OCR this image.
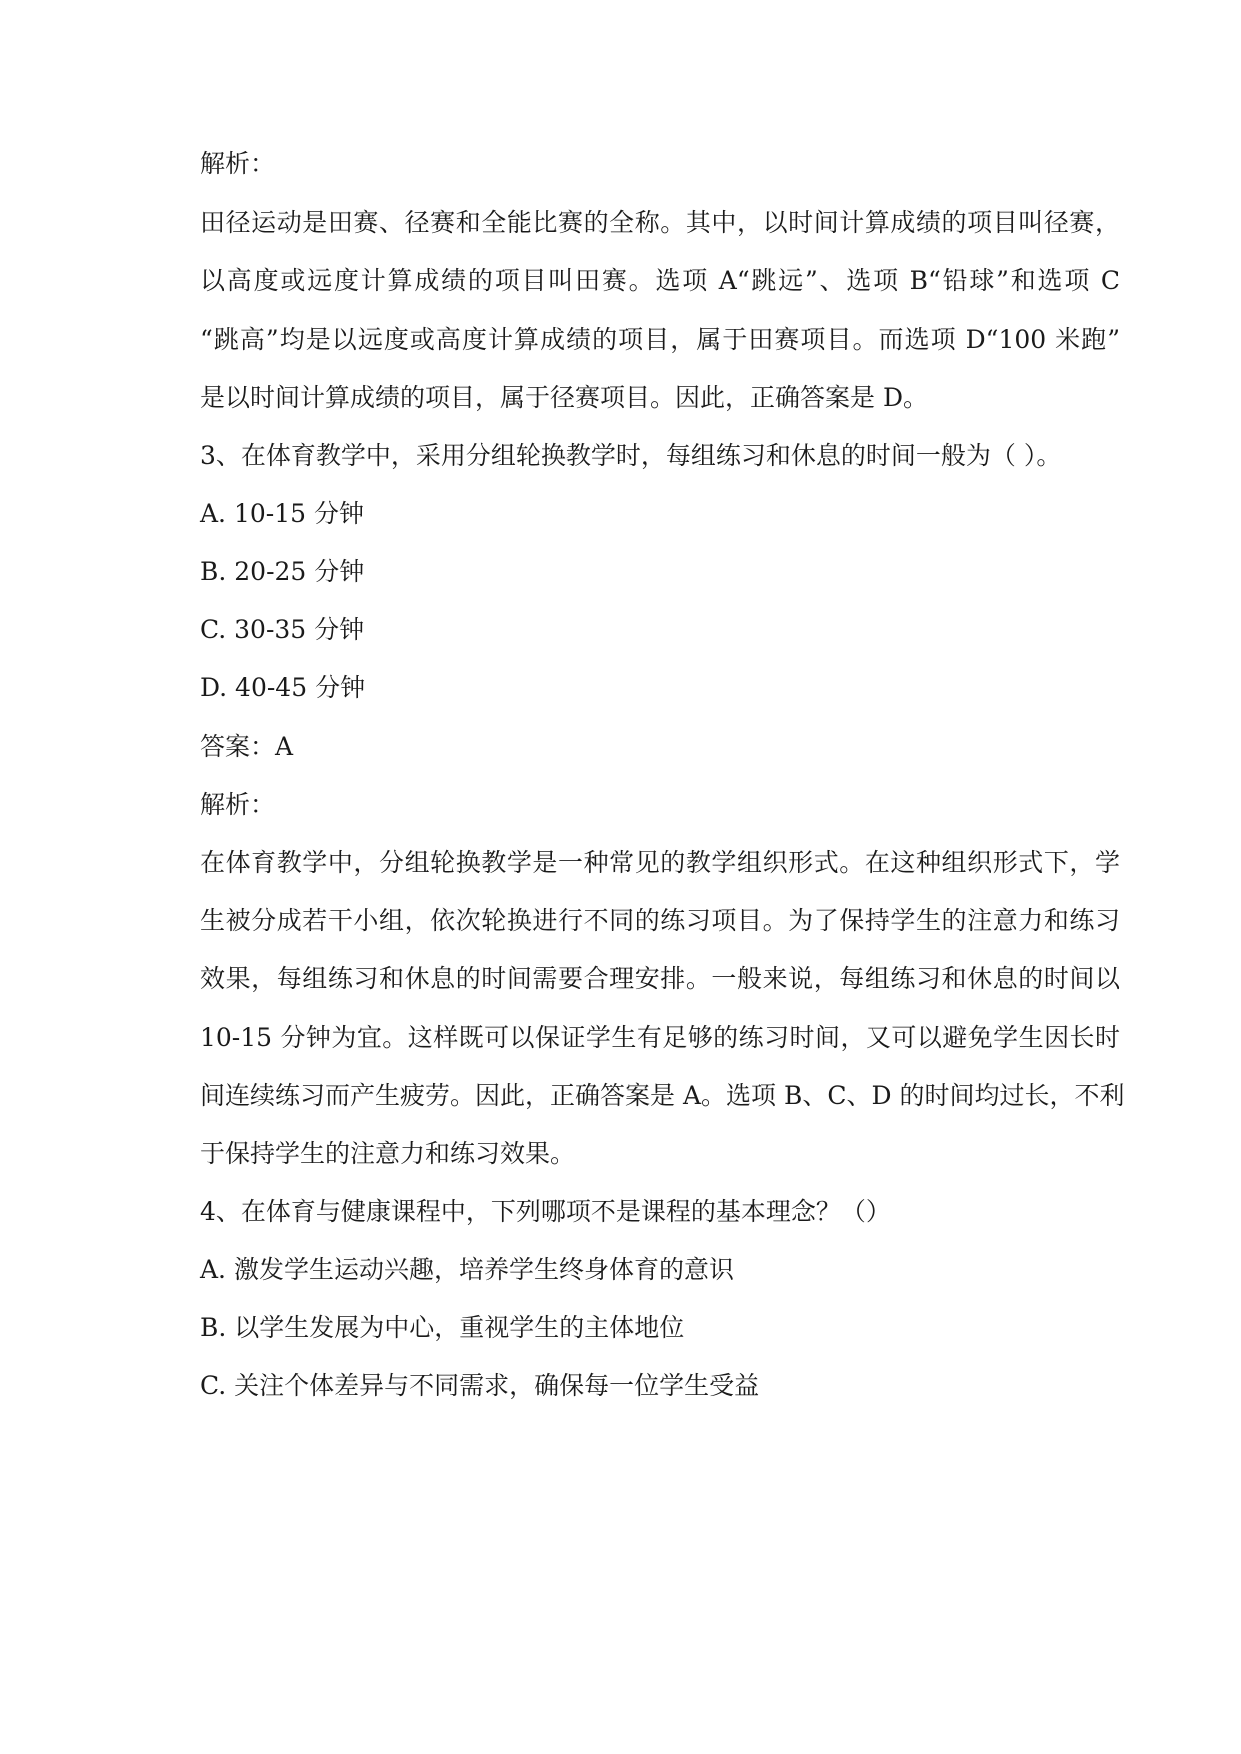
解析：
田径运动是田赛、径赛和全能比赛的全称。其中，以时间计算成绩的项目叫径赛，
以高度或远度计算成绩的项目叫田赛。选项 A“跳远”、选项 B“铅球”和选项 C
“跳高”均是以远度或高度计算成绩的项目，属于田赛项目。而选项 D“100 米跑”
是以时间计算成绩的项目，属于径赛项目。因此，正确答案是 D。
3、在体育教学中，采用分组轮换教学时，每组练习和休息的时间一般为（ ）。
A. 10-15 分钟
B. 20-25 分钟
C. 30-35 分钟
D. 40-45 分钟
答案：A
解析：
在体育教学中，分组轮换教学是一种常见的教学组织形式。在这种组织形式下，学
生被分成若干小组，依次轮换进行不同的练习项目。为了保持学生的注意力和练习
效果，每组练习和休息的时间需要合理安排。一般来说，每组练习和休息的时间以
10-15 分钟为宜。这样既可以保证学生有足够的练习时间，又可以避免学生因长时
间连续练习而产生疲劳。因此，正确答案是 A。选项 B、C、D 的时间均过长，不利
于保持学生的注意力和练习效果。
4、在体育与健康课程中，下列哪项不是课程的基本理念？（）
A. 激发学生运动兴趣，培养学生终身体育的意识
B. 以学生发展为中心，重视学生的主体地位
C. 关注个体差异与不同需求，确保每一位学生受益
